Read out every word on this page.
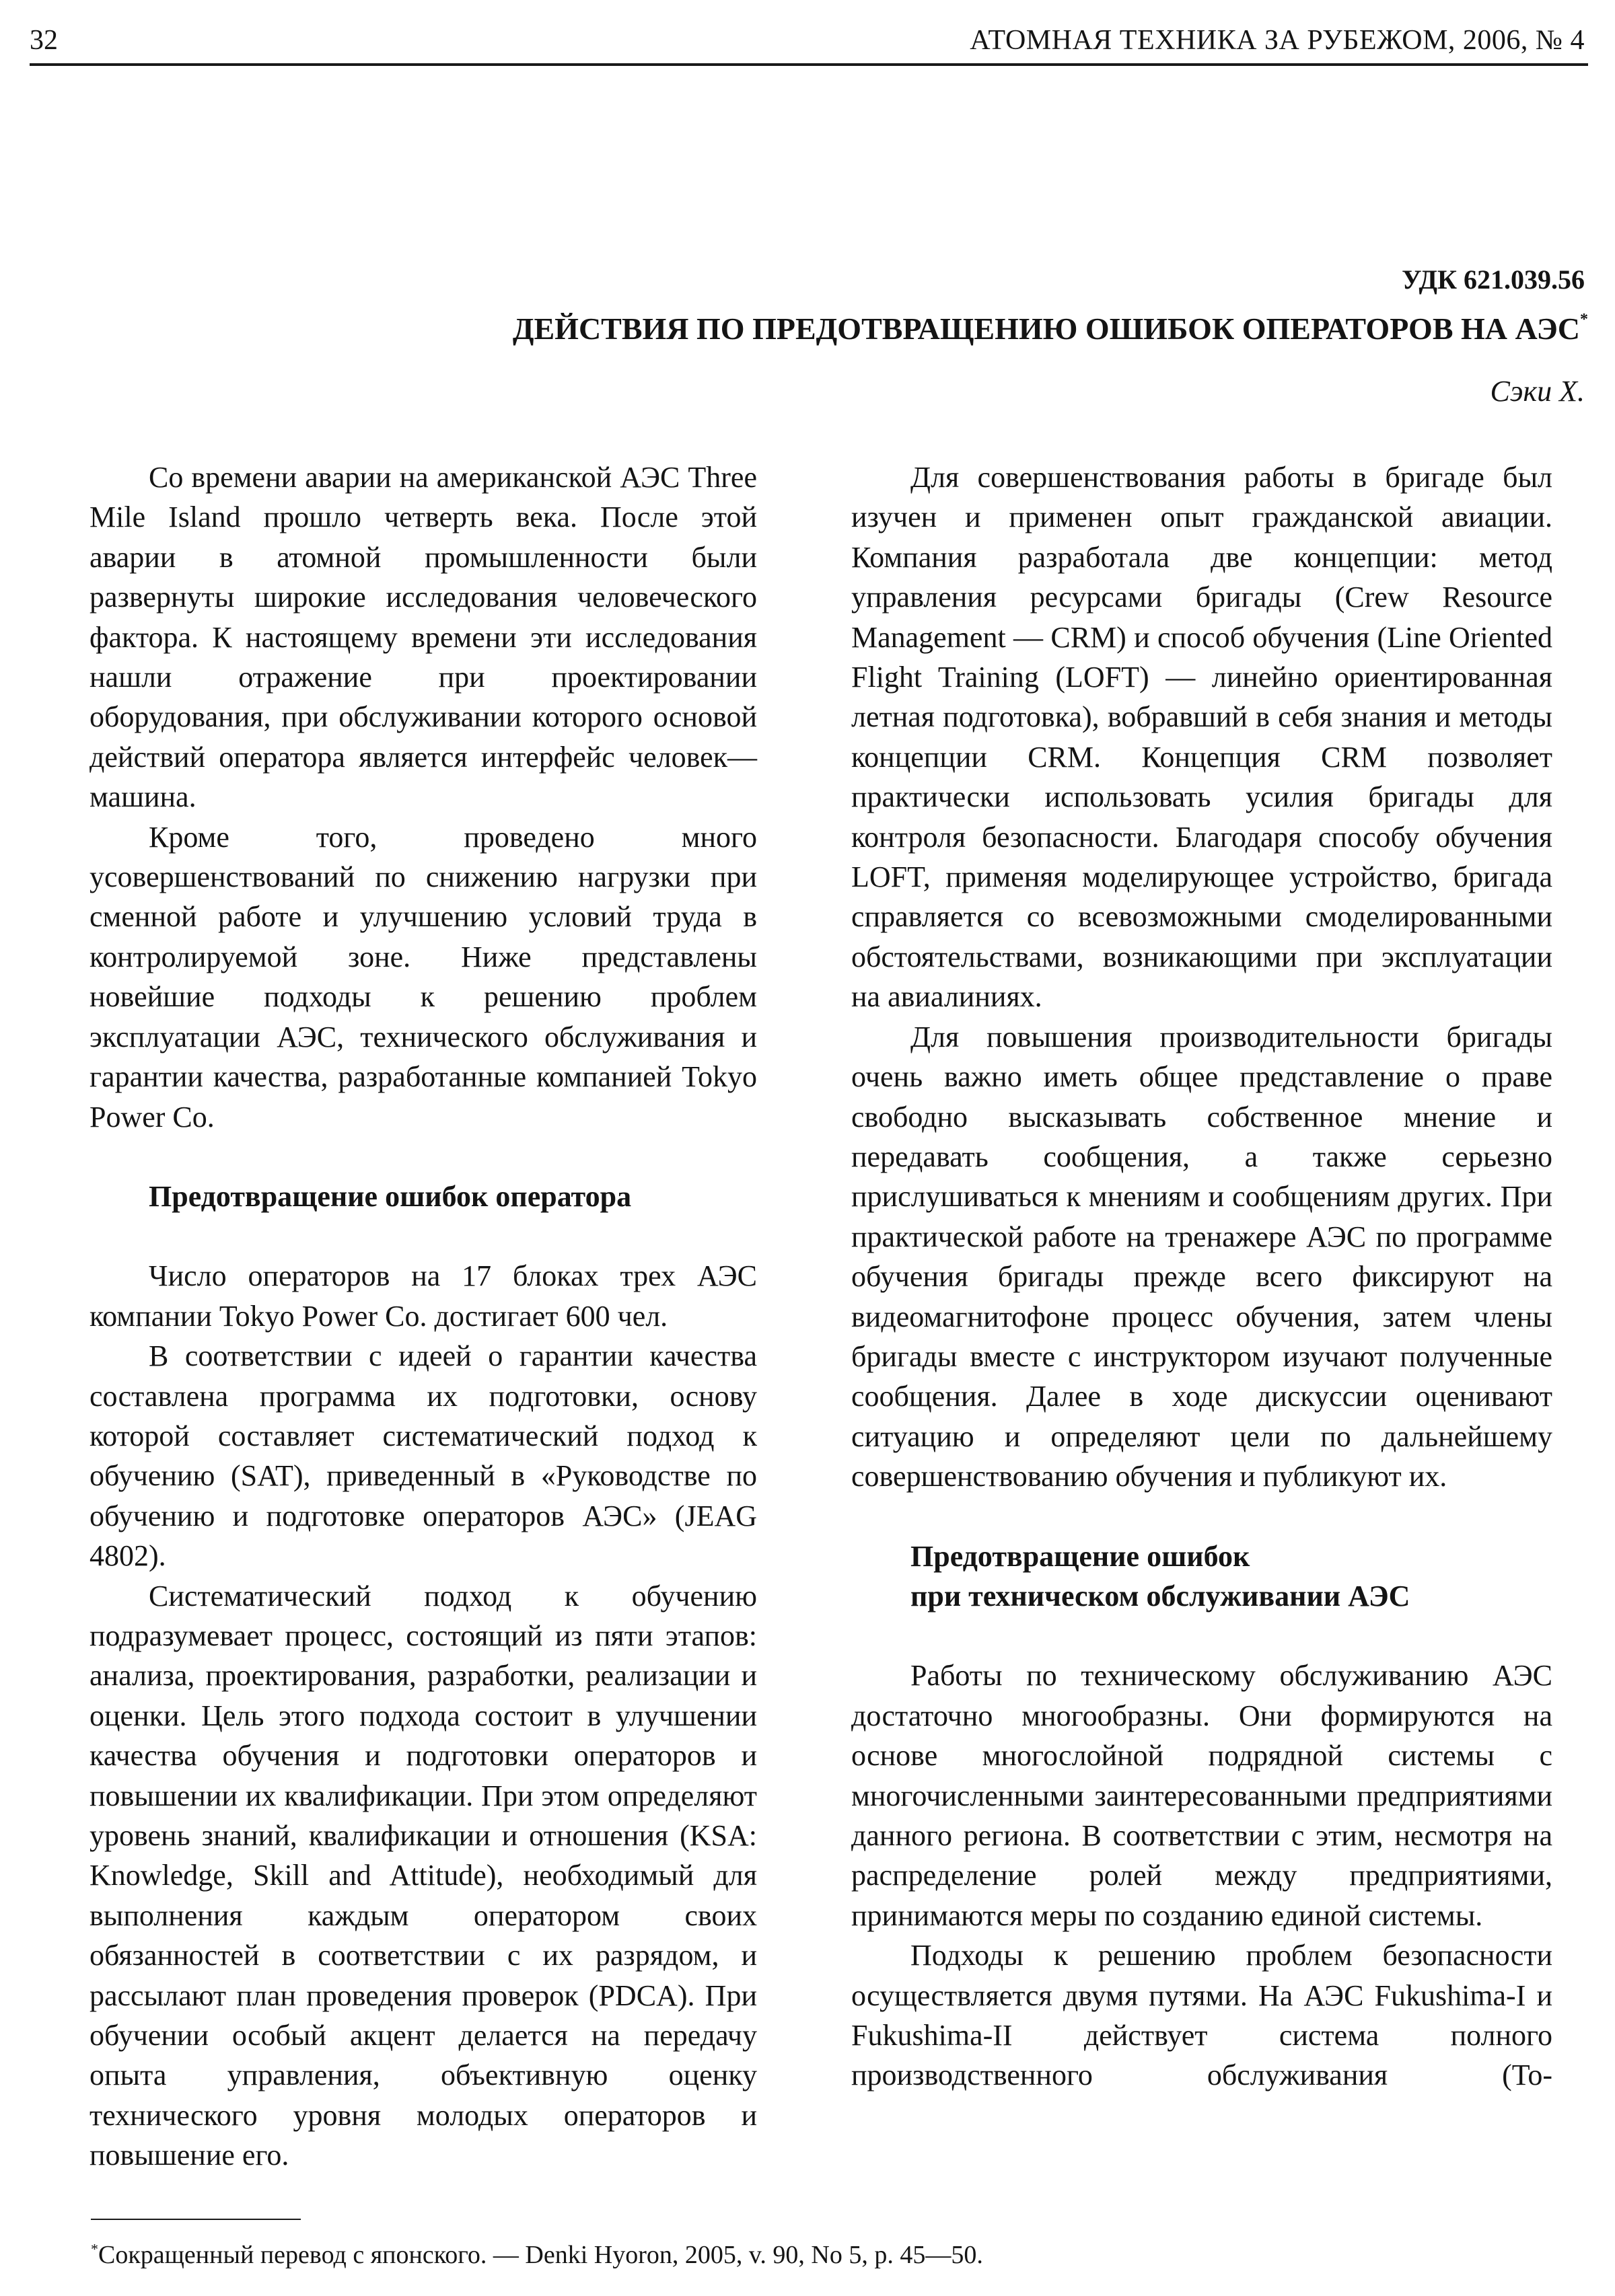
32	АТОМНАЯ ТЕХНИКА ЗА РУБЕЖОМ, 2006, № 4
УДК 621.039.56
ДЕЙСТВИЯ ПО ПРЕДОТВРАЩЕНИЮ ОШИБОК ОПЕРАТОРОВ НА АЭС*
Сэки Х.

Со времени аварии на американской АЭС Three Mile Island прошло четверть века. После этой аварии в атомной промышленности были развернуты широкие исследования человеческого фактора. К настоящему времени эти исследования нашли отражение при проектировании оборудования, при обслуживании которого основой действий оператора является интерфейс человек—машина.

Кроме того, проведено много усовершенствований по снижению нагрузки при сменной работе и улучшению условий труда в контролируемой зоне. Ниже представлены новейшие подходы к решению проблем эксплуатации АЭС, технического обслуживания и гарантии качества, разработанные компанией Tokyo Power Co.

Предотвращение ошибок оператора

Число операторов на 17 блоках трех АЭС компании Tokyo Power Co. достигает 600 чел.

В соответствии с идеей о гарантии качества составлена программа их подготовки, основу которой составляет систематический подход к обучению (SAT), приведенный в «Руководстве по обучению и подготовке операторов АЭС» (JEAG 4802).

Систематический подход к обучению подразумевает процесс, состоящий из пяти этапов: анализа, проектирования, разработки, реализации и оценки. Цель этого подхода состоит в улучшении качества обучения и подготовки операторов и повышении их квалификации. При этом определяют уровень знаний, квалификации и отношения (KSA: Knowledge, Skill and Attitude), необходимый для выполнения каждым оператором своих обязанностей в соответствии с их разрядом, и рассылают план проведения проверок (PDCA). При обучении особый акцент делается на передачу опыта управления, объективную оценку технического уровня молодых операторов и повышение его.

Для совершенствования работы в бригаде был изучен и применен опыт гражданской авиации. Компания разработала две концепции: метод управления ресурсами бригады (Crew Resource Management — CRM) и способ обучения (Line Oriented Flight Training (LOFT) — линейно ориентированная летная подготовка), вобравший в себя знания и методы концепции CRM. Концепция CRM позволяет практически использовать усилия бригады для контроля безопасности. Благодаря способу обучения LOFT, применяя моделирующее устройство, бригада справляется со всевозможными смоделированными обстоятельствами, возникающими при эксплуатации на авиалиниях.

Для повышения производительности бригады очень важно иметь общее представление о праве свободно высказывать собственное мнение и передавать сообщения, а также серьезно прислушиваться к мнениям и сообщениям других. При практической работе на тренажере АЭС по программе обучения бригады прежде всего фиксируют на видеомагнитофоне процесс обучения, затем члены бригады вместе с инструктором изучают полученные сообщения. Далее в ходе дискуссии оценивают ситуацию и определяют цели по дальнейшему совершенствованию обучения и публикуют их.

Предотвращение ошибок
при техническом обслуживании АЭС

Работы по техническому обслуживанию АЭС достаточно многообразны. Они формируются на основе многослойной подрядной системы с многочисленными заинтересованными предприятиями данного региона. В соответствии с этим, несмотря на распределение ролей между предприятиями, принимаются меры по созданию единой системы.

Подходы к решению проблем безопасности осуществляется двумя путями. На АЭС Fukushima-I и Fukushima-II действует система полного производственного обслуживания (То-

*Сокращенный перевод с японского. — Denki Hyoron, 2005, v. 90, No 5, p. 45—50.
